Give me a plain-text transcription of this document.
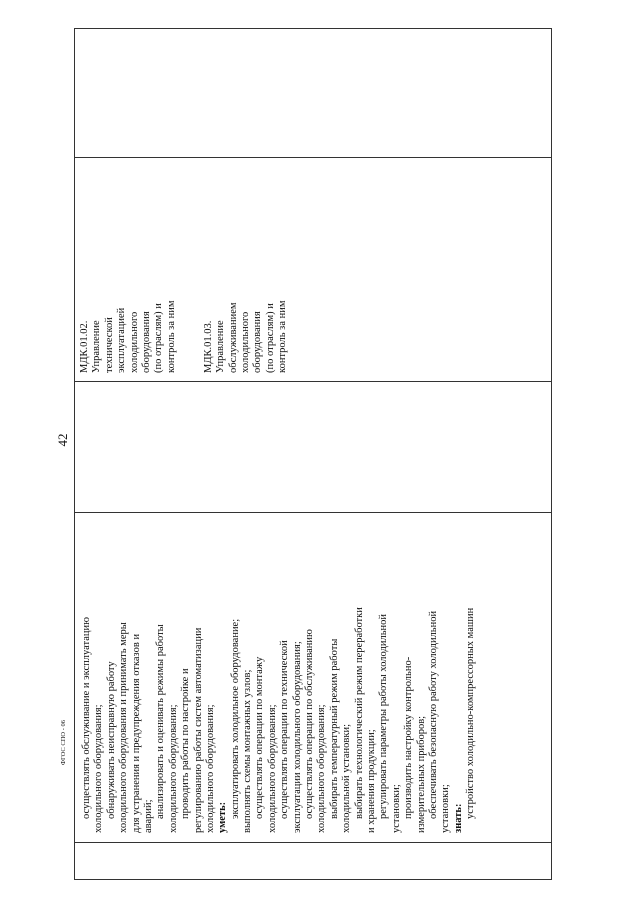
42
ФГОС СПО - 06 осуществлять обслуживание и эксплуатацию холодильного оборудования; обнаруживать неисправную работу холодильного оборудования и принимать меры для устранения и предупреждения отказов и аварий; анализировать и оценивать режимы работы холодильного оборудования; проводить работы по настройке и регулированию работы систем автоматизации холодильного оборудования; уметь: эксплуатировать холодильное оборудование; выполнять схемы монтажных узлов; осуществлять операции по монтажу холодильного оборудования; осуществлять операции по технической эксплуатации холодильного оборудования; осуществлять операции по обслуживанию холодильного оборудования; выбирать температурный режим работы холодильной установки; выбирать технологический режим переработки и хранения продукции; регулировать параметры работы холодильной установки; производить настройку контрольно- измерительных приборов; обеспечивать безопасную работу холодильной установки; знать: устройство холодильно-компрессорных машин
МДК.01.02. Управление технической эксплуатацией холодильного оборудования (по отраслям) и контроль за ним МДК.01.03. Управление обслуживанием холодильного оборудования (по отраслям) и контроль за ним
